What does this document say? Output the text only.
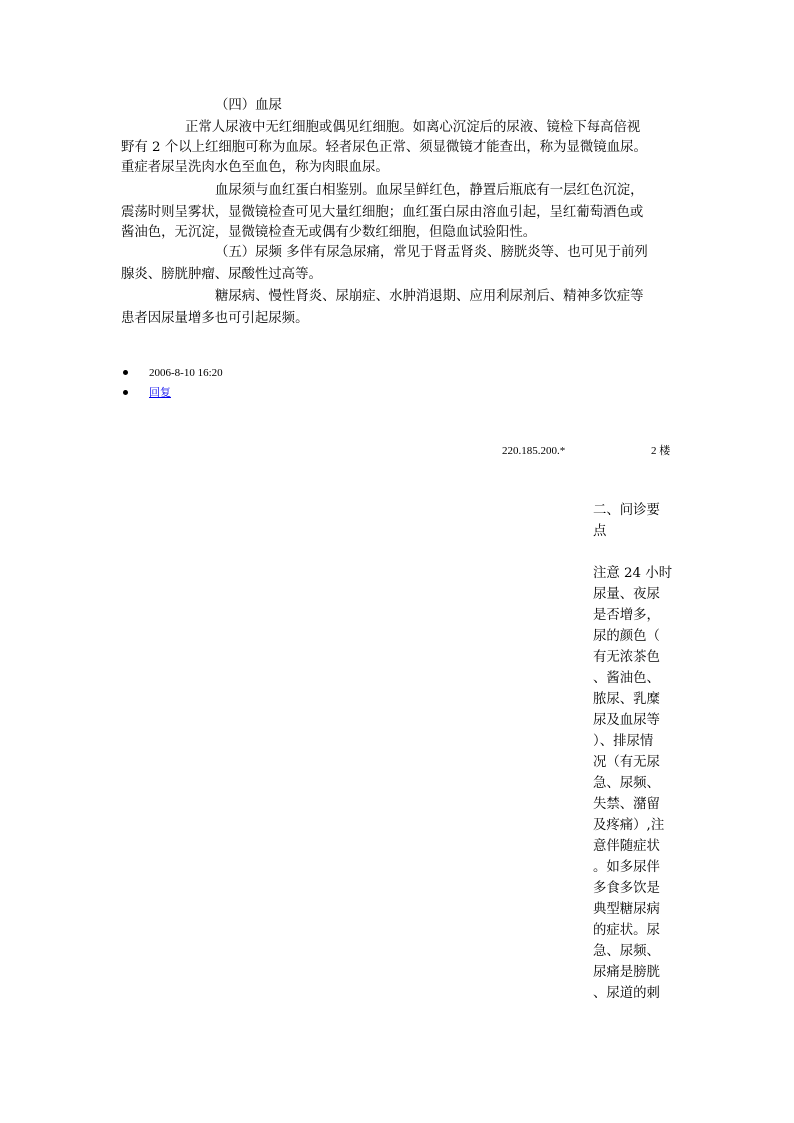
（四）血尿
正常人尿液中无红细胞或偶见红细胞。如离心沉淀后的尿液、镜检下每高倍视
野有 2 个以上红细胞可称为血尿。轻者尿色正常、须显微镜才能查出，称为显微镜血尿。
重症者尿呈洗肉水色至血色，称为肉眼血尿。
血尿须与血红蛋白相鉴别。血尿呈鲜红色，静置后瓶底有一层红色沉淀，
震荡时则呈雾状，显微镜检查可见大量红细胞；血红蛋白尿由溶血引起，呈红葡萄酒色或
酱油色，无沉淀，显微镜检查无或偶有少数红细胞，但隐血试验阳性。
（五）尿频 多伴有尿急尿痛，常见于肾盂肾炎、膀胱炎等、也可见于前列
腺炎、膀胱肿瘤、尿酸性过高等。
糖尿病、慢性肾炎、尿崩症、水肿消退期、应用利尿剂后、精神多饮症等
患者因尿量增多也可引起尿频。
2006-8-10 16:20
回复
220.185.200.*	2 楼
二、问诊要
点
注意 24 小时
尿量、夜尿
是否增多，
尿的颜色（
有无浓茶色
、酱油色、
脓尿、乳糜
尿及血尿等
）、排尿情
况（有无尿
急、尿频、
失禁、潴留
及疼痛）,注
意伴随症状
。如多尿伴
多食多饮是
典型糖尿病
的症状。尿
急、尿频、
尿痛是膀胱
、尿道的刺
